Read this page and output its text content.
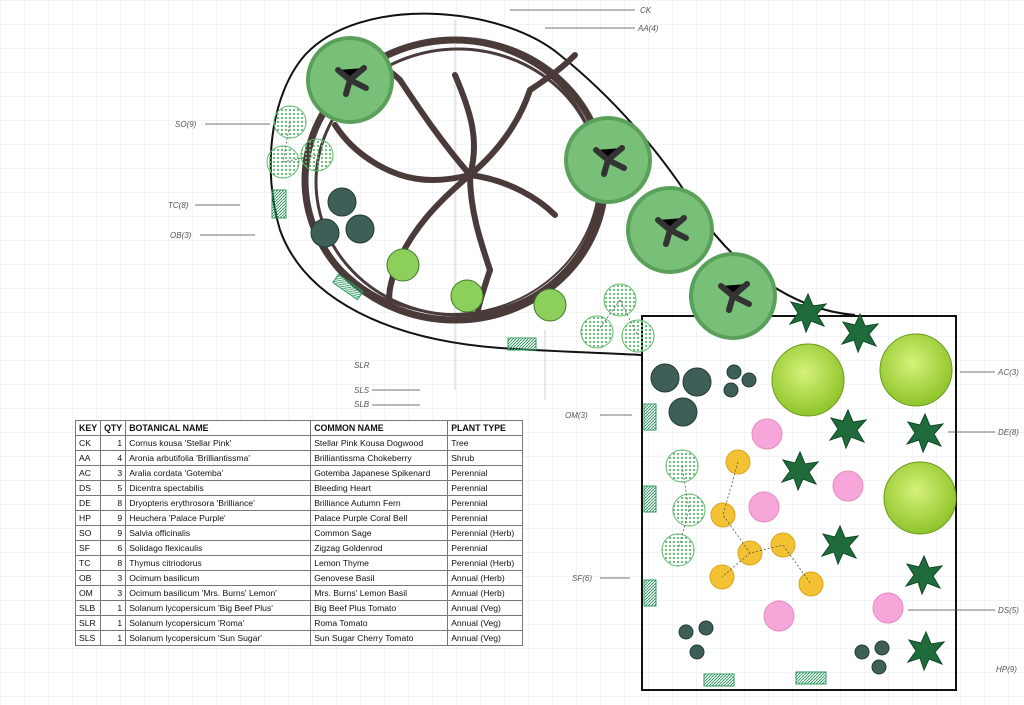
CK
AA(4)
SO(9)
TC(8)
OB(3)
SLR
SLS
SLB
OM(3)
AC(3)
DE(8)
SF(6)
DS(5)
HP(9)
KEY	QTY	BOTANICAL NAME	COMMON NAME	PLANT TYPE
CK	1	Cornus kousa 'Stellar Pink'	Stellar Pink Kousa Dogwood	Tree
AA	4	Aronia arbutifolia 'Brilliantissma'	Brilliantissma Chokeberry	Shrub
AC	3	Aralia cordata 'Gotemba'	Gotemba Japanese Spikenard	Perennial
DS	5	Dicentra spectabilis	Bleeding Heart	Perennial
DE	8	Dryopteris erythrosora 'Brilliance'	Brilliance Autumn Fern	Perennial
HP	9	Heuchera 'Palace Purple'	Palace Purple Coral Bell	Perennial
SO	9	Salvia officinalis	Common Sage	Perennial (Herb)
SF	6	Solidago flexicaulis	Zigzag Goldenrod	Perennial
TC	8	Thymus citriodorus	Lemon Thyme	Perennial (Herb)
OB	3	Ocimum basilicum	Genovese Basil	Annual (Herb)
OM	3	Ocimum basilicum 'Mrs. Burns' Lemon'	Mrs. Burns' Lemon Basil	Annual (Herb)
SLB	1	Solanum lycopersicum 'Big Beef Plus'	Big Beef Plus Tomato	Annual (Veg)
SLR	1	Solanum lycopersicum 'Roma'	Roma Tomato	Annual (Veg)
SLS	1	Solanum lycopersicum 'Sun Sugar'	Sun Sugar Cherry Tomato	Annual (Veg)
